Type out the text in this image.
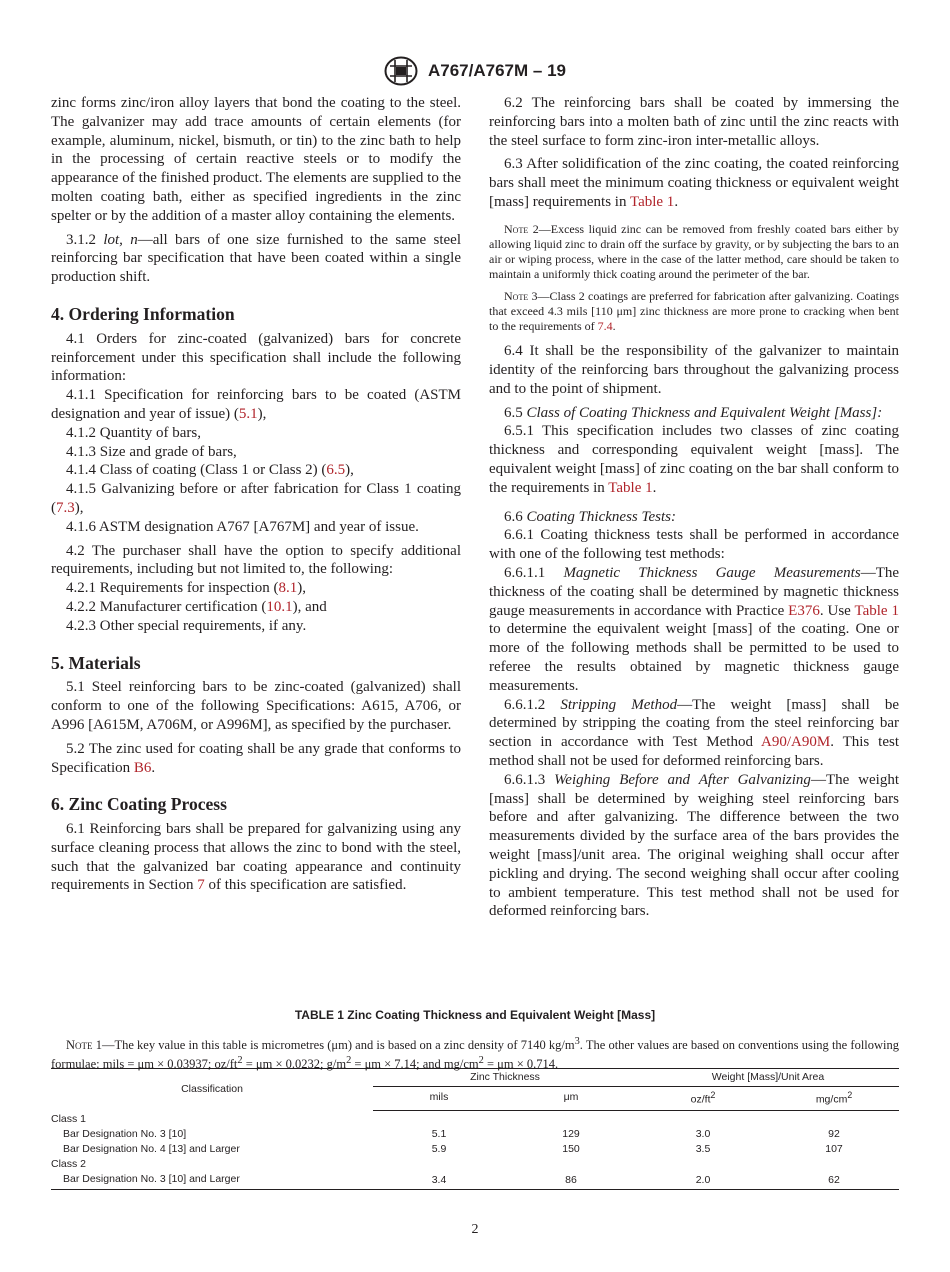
A767/A767M – 19

zinc forms zinc/iron alloy layers that bond the coating to the steel. The galvanizer may add trace amounts of certain elements (for example, aluminum, nickel, bismuth, or tin) to the zinc bath to help in the processing of certain reactive steels or to modify the appearance of the finished product. The elements are supplied to the molten coating bath, either as specified ingredients in the zinc spelter or by the addition of a master alloy containing the elements.

3.1.2 lot, n—all bars of one size furnished to the same steel reinforcing bar specification that have been coated within a single production shift.

4. Ordering Information

4.1 Orders for zinc-coated (galvanized) bars for concrete reinforcement under this specification shall include the following information:

4.1.1 Specification for reinforcing bars to be coated (ASTM designation and year of issue) (5.1),

4.1.2 Quantity of bars,

4.1.3 Size and grade of bars,

4.1.4 Class of coating (Class 1 or Class 2) (6.5),

4.1.5 Galvanizing before or after fabrication for Class 1 coating (7.3),

4.1.6 ASTM designation A767 [A767M] and year of issue.

4.2 The purchaser shall have the option to specify additional requirements, including but not limited to, the following:

4.2.1 Requirements for inspection (8.1),

4.2.2 Manufacturer certification (10.1), and

4.2.3 Other special requirements, if any.

5. Materials

5.1 Steel reinforcing bars to be zinc-coated (galvanized) shall conform to one of the following Specifications: A615, A706, or A996 [A615M, A706M, or A996M], as specified by the purchaser.

5.2 The zinc used for coating shall be any grade that conforms to Specification B6.

6. Zinc Coating Process

6.1 Reinforcing bars shall be prepared for galvanizing using any surface cleaning process that allows the zinc to bond with the steel, such that the galvanized bar coating appearance and continuity requirements in Section 7 of this specification are satisfied.

6.2 The reinforcing bars shall be coated by immersing the reinforcing bars into a molten bath of zinc until the zinc reacts with the steel surface to form zinc-iron inter-metallic alloys.

6.3 After solidification of the zinc coating, the coated reinforcing bars shall meet the minimum coating thickness or equivalent weight [mass] requirements in Table 1.

Note 2—Excess liquid zinc can be removed from freshly coated bars either by allowing liquid zinc to drain off the surface by gravity, or by subjecting the bars to an air or wiping process, where in the case of the latter method, care should be taken to maintain a uniformly thick coating around the perimeter of the bar.

Note 3—Class 2 coatings are preferred for fabrication after galvanizing. Coatings that exceed 4.3 mils [110 μm] zinc thickness are more prone to cracking when bent to the requirements of 7.4.

6.4 It shall be the responsibility of the galvanizer to maintain identity of the reinforcing bars throughout the galvanizing process and to the point of shipment.

6.5 Class of Coating Thickness and Equivalent Weight [Mass]:

6.5.1 This specification includes two classes of zinc coating thickness and corresponding equivalent weight [mass]. The equivalent weight [mass] of zinc coating on the bar shall conform to the requirements in Table 1.

6.6 Coating Thickness Tests:

6.6.1 Coating thickness tests shall be performed in accordance with one of the following test methods:

6.6.1.1 Magnetic Thickness Gauge Measurements—The thickness of the coating shall be determined by magnetic thickness gauge measurements in accordance with Practice E376. Use Table 1 to determine the equivalent weight [mass] of the coating. One or more of the following methods shall be permitted to be used to referee the results obtained by magnetic thickness gauge measurements.

6.6.1.2 Stripping Method—The weight [mass] shall be determined by stripping the coating from the steel reinforcing bar section in accordance with Test Method A90/A90M. This test method shall not be used for deformed reinforcing bars.

6.6.1.3 Weighing Before and After Galvanizing—The weight [mass] shall be determined by weighing steel reinforcing bars before and after galvanizing. The difference between the two measurements divided by the surface area of the bars provides the weight [mass]/unit area. The original weighing shall occur after pickling and drying. The second weighing shall occur after cooling to ambient temperature. This test method shall not be used for deformed reinforcing bars.

TABLE 1 Zinc Coating Thickness and Equivalent Weight [Mass]

Note 1—The key value in this table is micrometres (μm) and is based on a zinc density of 7140 $kg/m^3$. The other values are based on conventions using the following formulae: mils = μm × 0.03937; $oz/ft^2 = \mu m \times 0.0232$; $g/m^2 = \mu m \times 7.14$; and $mg/cm^2 = \mu m \times 0.714$.

Classification	Zinc Thickness		Weight [Mass]/Unit Area	
	mils	μm	$oz/ft^2$	$mg/cm^2$
Class 1				
Bar Designation No. 3 [10]	5.1	129	3.0	92
Bar Designation No. 4 [13] and Larger	5.9	150	3.5	107
Class 2				
Bar Designation No. 3 [10] and Larger	3.4	86	2.0	62
2
